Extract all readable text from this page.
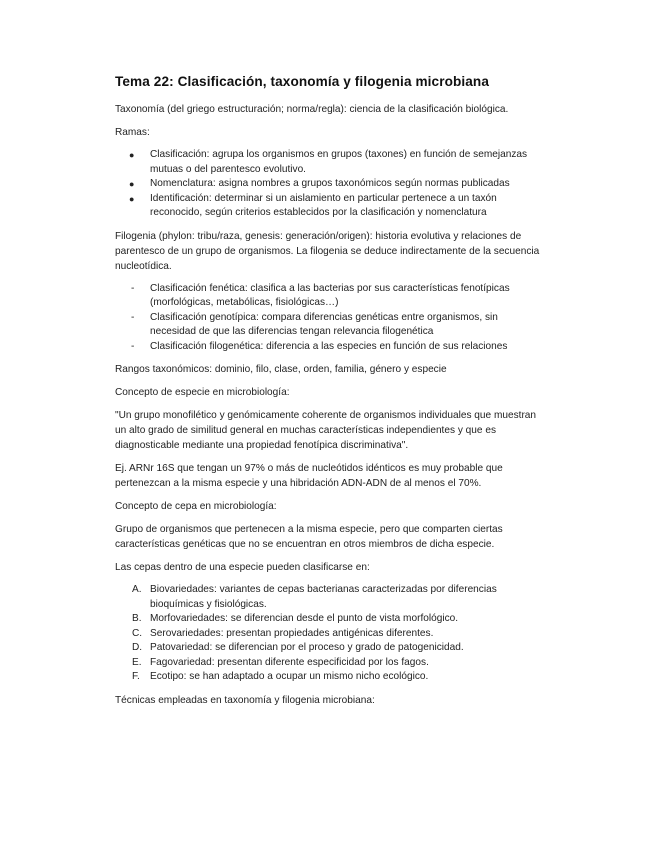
Tema 22: Clasificación, taxonomía y filogenia microbiana

Taxonomía (del griego estructuración; norma/regla): ciencia de la clasificación biológica.

Ramas:

● Clasificación: agrupa los organismos en grupos (taxones) en función de semejanzas mutuas o del parentesco evolutivo.
● Nomenclatura: asigna nombres a grupos taxonómicos según normas publicadas
● Identificación: determinar si un aislamiento en particular pertenece a un taxón reconocido, según criterios establecidos por la clasificación y nomenclatura

Filogenia (phylon: tribu/raza, genesis: generación/origen): historia evolutiva y relaciones de parentesco de un grupo de organismos. La filogenia se deduce indirectamente de la secuencia nucleotídica.

- Clasificación fenética: clasifica a las bacterias por sus características fenotípicas (morfológicas, metabólicas, fisiológicas…)
- Clasificación genotípica: compara diferencias genéticas entre organismos, sin necesidad de que las diferencias tengan relevancia filogenética
- Clasificación filogenética: diferencia a las especies en función de sus relaciones

Rangos taxonómicos: dominio, filo, clase, orden, familia, género y especie

Concepto de especie en microbiología:

"Un grupo monofilético y genómicamente coherente de organismos individuales que muestran un alto grado de similitud general en muchas características independientes y que es diagnosticable mediante una propiedad fenotípica discriminativa".

Ej. ARNr 16S que tengan un 97% o más de nucleótidos idénticos es muy probable que pertenezcan a la misma especie y una hibridación ADN-ADN de al menos el 70%.

Concepto de cepa en microbiología:

Grupo de organismos que pertenecen a la misma especie, pero que comparten ciertas características genéticas que no se encuentran en otros miembros de dicha especie.

Las cepas dentro de una especie pueden clasificarse en:

A. Biovariedades: variantes de cepas bacterianas caracterizadas por diferencias bioquímicas y fisiológicas.
B. Morfovariedades: se diferencian desde el punto de vista morfológico.
C. Serovariedades: presentan propiedades antigénicas diferentes.
D. Patovariedad: se diferencian por el proceso y grado de patogenicidad.
E. Fagovariedad: presentan diferente especificidad por los fagos.
F. Ecotipo: se han adaptado a ocupar un mismo nicho ecológico.

Técnicas empleadas en taxonomía y filogenia microbiana:
